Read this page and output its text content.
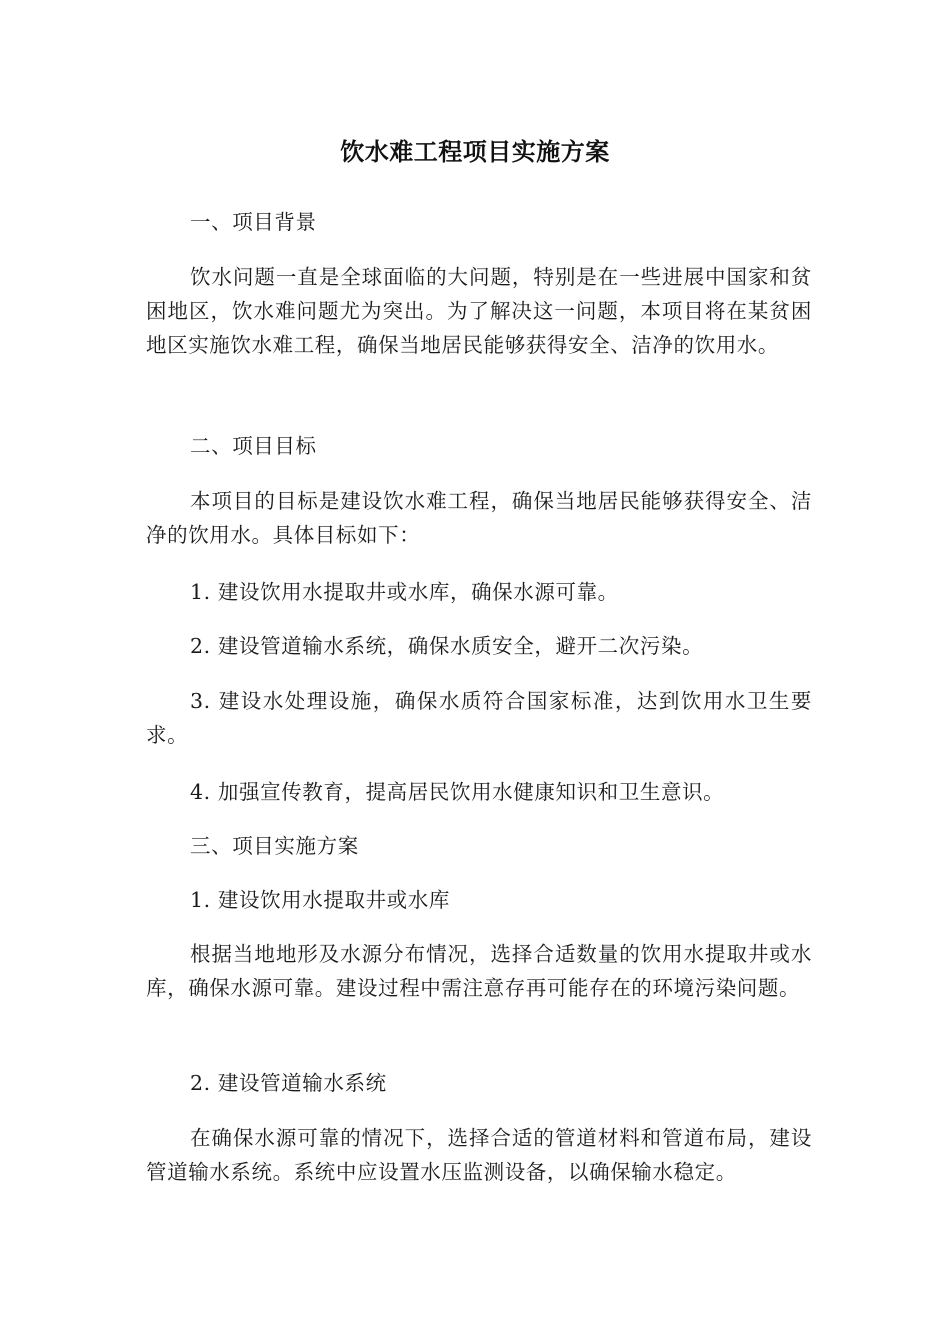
饮水难工程项目实施方案

一、项目背景

饮水问题一直是全球面临的大问题，特别是在一些进展中国家和贫困地区，饮水难问题尤为突出。为了解决这一问题，本项目将在某贫困地区实施饮水难工程，确保当地居民能够获得安全、洁净的饮用水。

二、项目目标

本项目的目标是建设饮水难工程，确保当地居民能够获得安全、洁净的饮用水。具体目标如下：

1. 建设饮用水提取井或水库，确保水源可靠。

2. 建设管道输水系统，确保水质安全，避开二次污染。

3. 建设水处理设施，确保水质符合国家标准，达到饮用水卫生要求。

4. 加强宣传教育，提高居民饮用水健康知识和卫生意识。

三、项目实施方案

1. 建设饮用水提取井或水库

根据当地地形及水源分布情况，选择合适数量的饮用水提取井或水库，确保水源可靠。建设过程中需注意存再可能存在的环境污染问题。

2. 建设管道输水系统

在确保水源可靠的情况下，选择合适的管道材料和管道布局，建设管道输水系统。系统中应设置水压监测设备，以确保输水稳定。
